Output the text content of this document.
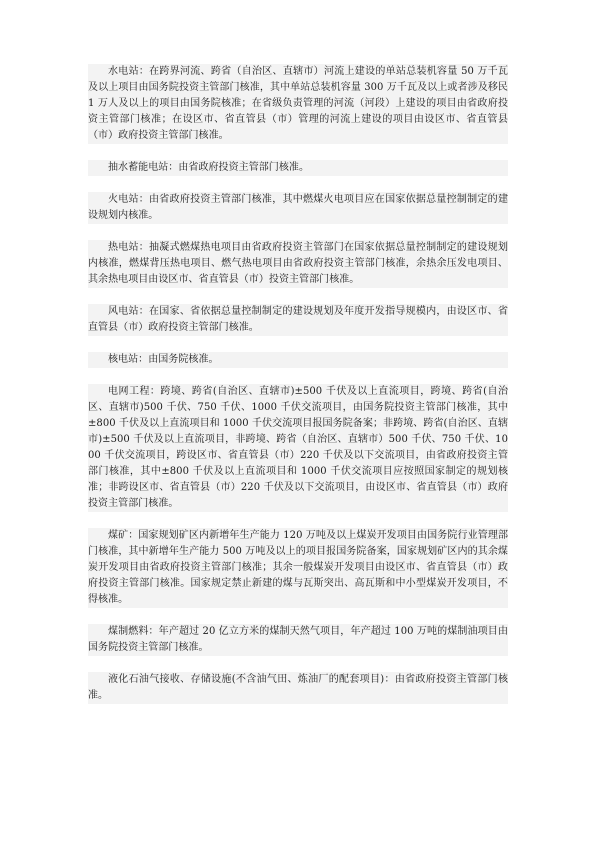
水电站：在跨界河流、跨省（自治区、直辖市）河流上建设的单站总装机容量 50 万千瓦及以上项目由国务院投资主管部门核准，其中单站总装机容量 300 万千瓦及以上或者涉及移民 1 万人及以上的项目由国务院核准；在省级负责管理的河流（河段）上建设的项目由省政府投资主管部门核准；在设区市、省直管县（市）管理的河流上建设的项目由设区市、省直管县（市）政府投资主管部门核准。

抽水蓄能电站：由省政府投资主管部门核准。

火电站：由省政府投资主管部门核准，其中燃煤火电项目应在国家依据总量控制制定的建设规划内核准。

热电站：抽凝式燃煤热电项目由省政府投资主管部门在国家依据总量控制制定的建设规划内核准，燃煤背压热电项目、燃气热电项目由省政府投资主管部门核准，余热余压发电项目、其余热电项目由设区市、省直管县（市）投资主管部门核准。

风电站：在国家、省依据总量控制制定的建设规划及年度开发指导规模内，由设区市、省直管县（市）政府投资主管部门核准。

核电站：由国务院核准。

电网工程：跨境、跨省(自治区、直辖市)±500 千伏及以上直流项目，跨境、跨省(自治区、直辖市)500 千伏、750 千伏、1000 千伏交流项目，由国务院投资主管部门核准，其中±800 千伏及以上直流项目和 1000 千伏交流项目报国务院备案；非跨境、跨省(自治区、直辖市)±500 千伏及以上直流项目，非跨境、跨省（自治区、直辖市）500 千伏、750 千伏、1000 千伏交流项目，跨设区市、省直管县（市）220 千伏及以下交流项目，由省政府投资主管部门核准，其中±800 千伏及以上直流项目和 1000 千伏交流项目应按照国家制定的规划核准；非跨设区市、省直管县（市）220 千伏及以下交流项目，由设区市、省直管县（市）政府投资主管部门核准。

煤矿：国家规划矿区内新增年生产能力 120 万吨及以上煤炭开发项目由国务院行业管理部门核准，其中新增年生产能力 500 万吨及以上的项目报国务院备案，国家规划矿区内的其余煤炭开发项目由省政府投资主管部门核准；其余一般煤炭开发项目由设区市、省直管县（市）政府投资主管部门核准。国家规定禁止新建的煤与瓦斯突出、高瓦斯和中小型煤炭开发项目，不得核准。

煤制燃料：年产超过 20 亿立方米的煤制天然气项目，年产超过 100 万吨的煤制油项目由国务院投资主管部门核准。

液化石油气接收、存储设施(不含油气田、炼油厂的配套项目)：由省政府投资主管部门核准。
